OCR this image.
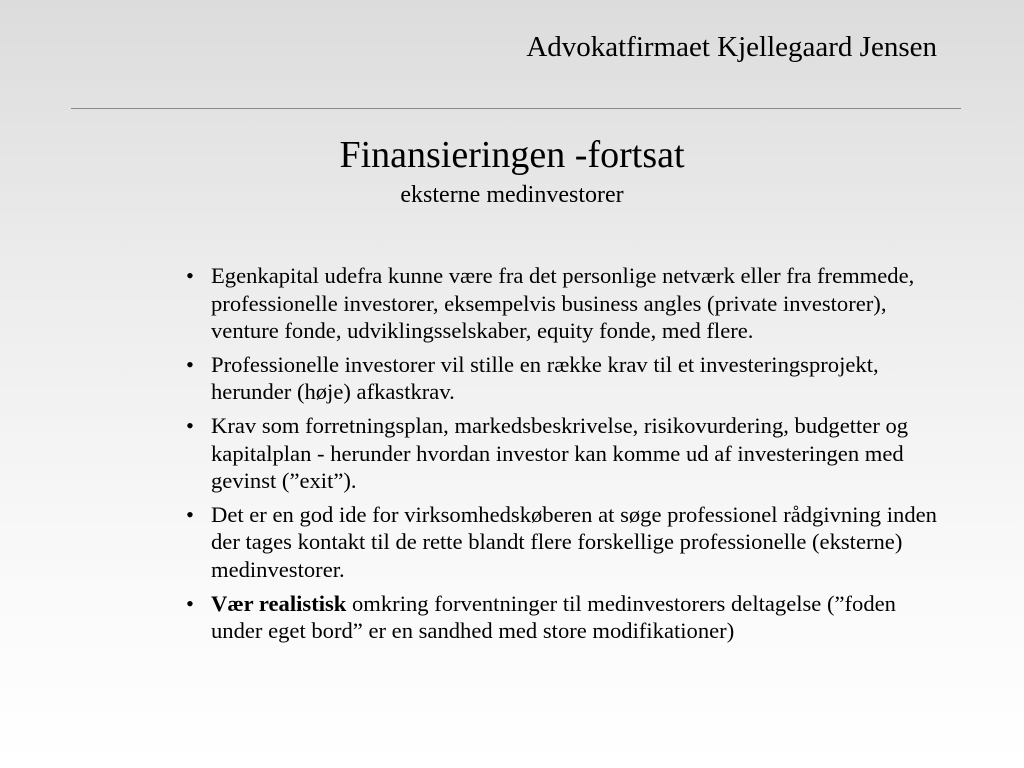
Advokatfirmaet Kjellegaard Jensen
Finansieringen -fortsat
eksterne medinvestorer
• Egenkapital udefra kunne være fra det personlige netværk eller fra fremmede, professionelle investorer, eksempelvis business angles (private investorer), venture fonde, udviklingsselskaber, equity fonde, med flere.
• Professionelle investorer vil stille en række krav til et investeringsprojekt, herunder (høje) afkastkrav.
• Krav som forretningsplan, markedsbeskrivelse, risikovurdering, budgetter og kapitalplan - herunder hvordan investor kan komme ud af investeringen med gevinst (”exit”).
• Det er en god ide for virksomhedskøberen at søge professionel rådgivning inden der tages kontakt til de rette blandt flere forskellige professionelle (eksterne) medinvestorer.
• Vær realistisk omkring forventninger til medinvestorers deltagelse (”foden under eget bord” er en sandhed med store modifikationer)
